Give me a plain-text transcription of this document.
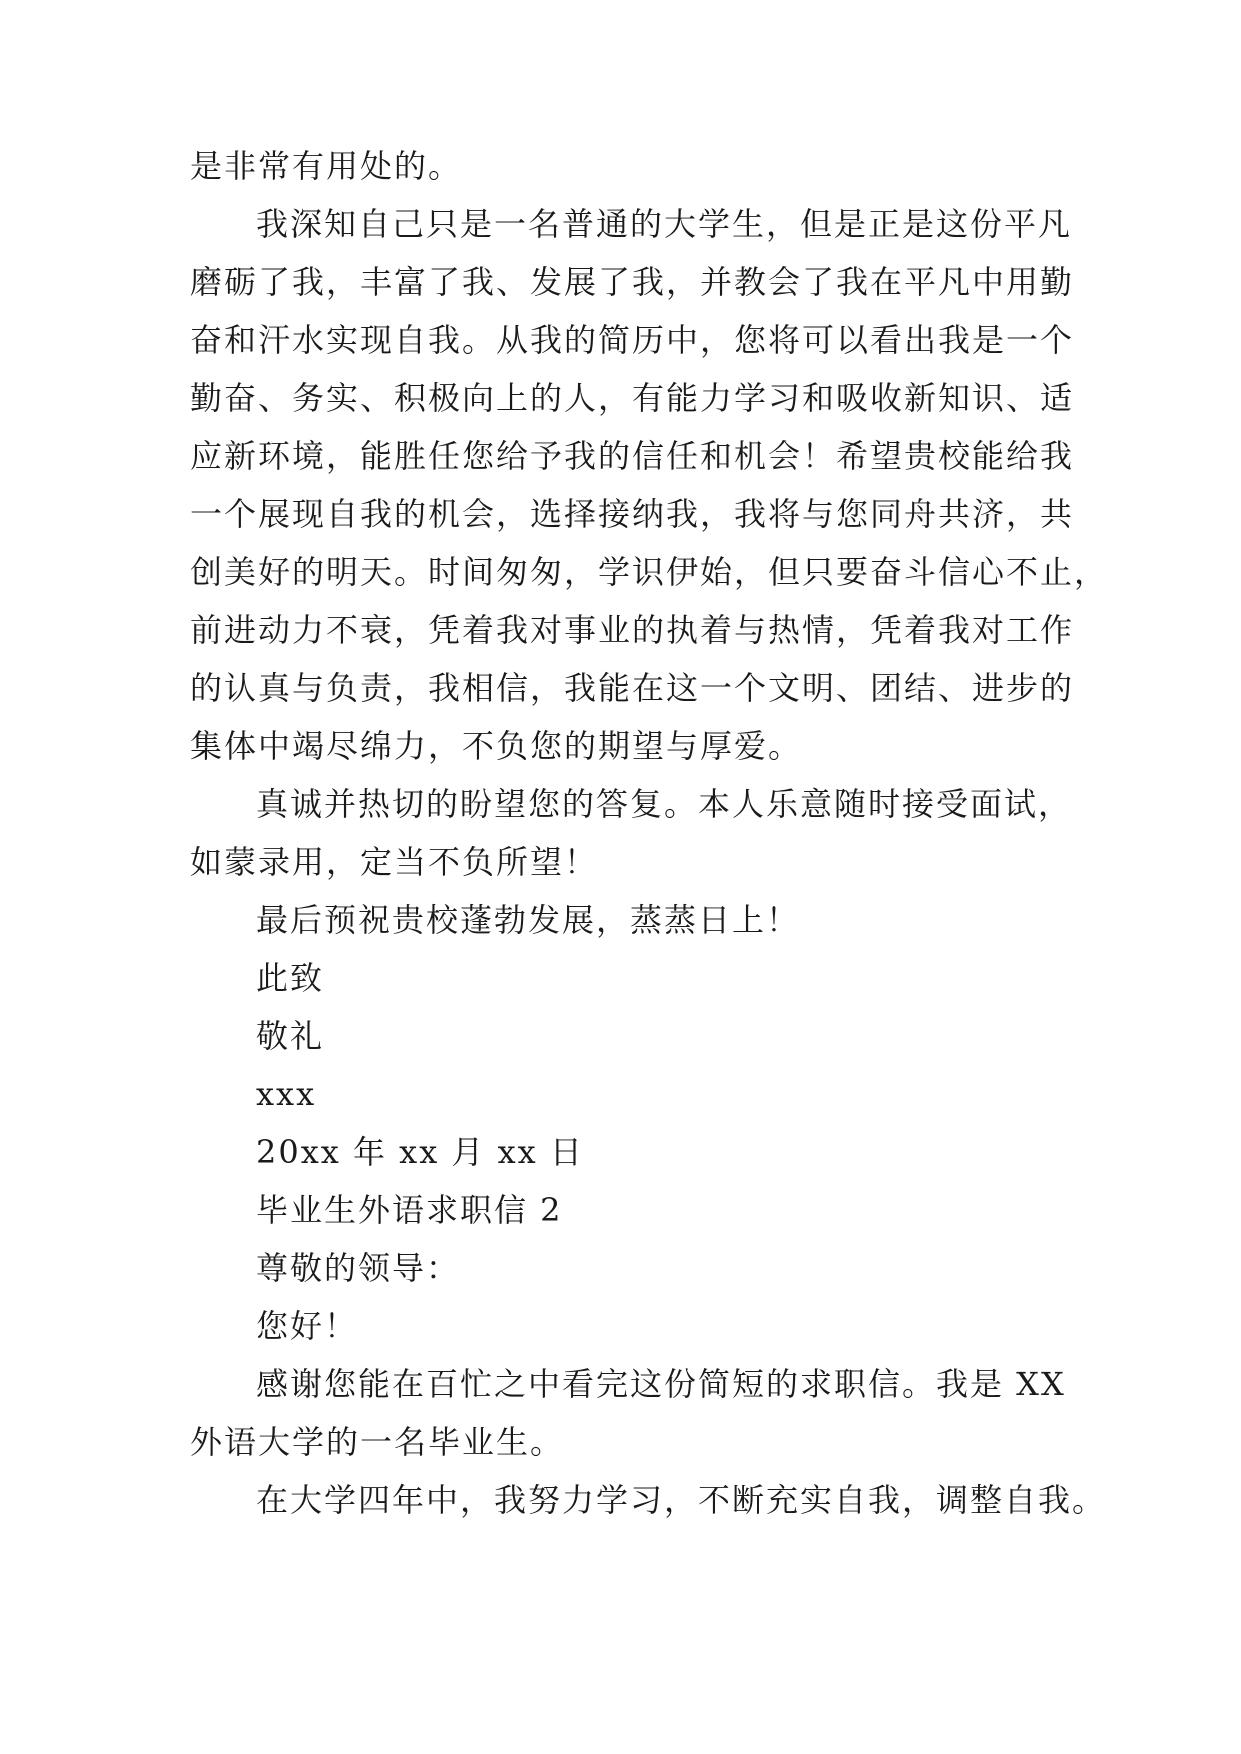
是非常有用处的。
我深知自己只是一名普通的大学生，但是正是这份平凡
磨砺了我，丰富了我、发展了我，并教会了我在平凡中用勤
奋和汗水实现自我。从我的简历中，您将可以看出我是一个
勤奋、务实、积极向上的人，有能力学习和吸收新知识、适
应新环境，能胜任您给予我的信任和机会！希望贵校能给我
一个展现自我的机会，选择接纳我，我将与您同舟共济，共
创美好的明天。时间匆匆，学识伊始，但只要奋斗信心不止，
前进动力不衰，凭着我对事业的执着与热情，凭着我对工作
的认真与负责，我相信，我能在这一个文明、团结、进步的
集体中竭尽绵力，不负您的期望与厚爱。
真诚并热切的盼望您的答复。本人乐意随时接受面试，
如蒙录用，定当不负所望！
最后预祝贵校蓬勃发展，蒸蒸日上！
此致
敬礼
xxx
20xx 年 xx 月 xx 日
毕业生外语求职信 2
尊敬的领导：
您好！
感谢您能在百忙之中看完这份简短的求职信。我是 XX
外语大学的一名毕业生。
在大学四年中，我努力学习，不断充实自我，调整自我。
